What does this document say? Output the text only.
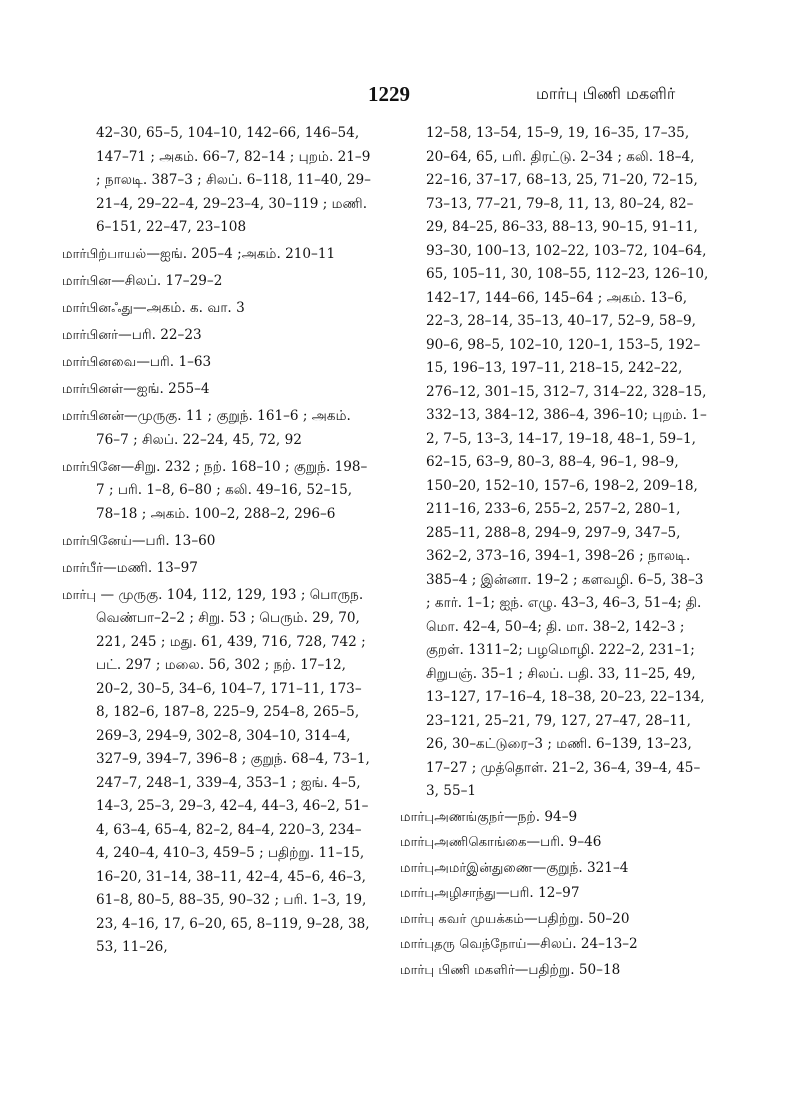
1229	மார்பு பிணி மகளிர்
42–30, 65–5, 104–10, 142–66, 146–54, 147–71 ; அகம். 66–7, 82–14 ; புறம். 21–9 ; நாலடி. 387–3 ; சிலப். 6–118, 11–40, 29–21–4, 29–22–4, 29–23–4, 30–119 ; மணி. 6–151, 22–47, 23–108
மார்பிற்பாயல்—ஐங். 205–4 ;அகம். 210–11
மார்பின—சிலப். 17–29–2
மார்பினஃது—அகம். க. வா. 3
மார்பினர்—பரி. 22–23
மார்பினவை—பரி. 1–63
மார்பினள்—ஐங். 255–4
மார்பினன்—முருகு. 11 ; குறுந். 161–6 ; அகம். 76–7 ; சிலப். 22–24, 45, 72, 92
மார்பினே—சிறு. 232 ; நற். 168–10 ; குறுந். 198–7 ; பரி. 1–8, 6–80 ; கலி. 49–16, 52–15, 78–18 ; அகம். 100–2, 288–2, 296–6
மார்பினேய்—பரி. 13–60
மார்பீர்—மணி. 13–97
மார்பு — முருகு. 104, 112, 129, 193 ; பொருந. வெண்பா–2–2 ; சிறு. 53 ; பெரும். 29, 70, 221, 245 ; மது. 61, 439, 716, 728, 742 ; பட். 297 ; மலை. 56, 302 ; நற். 17–12, 20–2, 30–5, 34–6, 104–7, 171–11, 173–8, 182–6, 187–8, 225–9, 254–8, 265–5, 269–3, 294–9, 302–8, 304–10, 314–4, 327–9, 394–7, 396–8 ; குறுந். 68–4, 73–1, 247–7, 248–1, 339–4, 353–1 ; ஐங். 4–5, 14–3, 25–3, 29–3, 42–4, 44–3, 46–2, 51–4, 63–4, 65–4, 82–2, 84–4, 220–3, 234–4, 240–4, 410–3, 459–5 ; பதிற்று. 11–15, 16–20, 31–14, 38–11, 42–4, 45–6, 46–3, 61–8, 80–5, 88–35, 90–32 ; பரி. 1–3, 19, 23, 4–16, 17, 6–20, 65, 8–119, 9–28, 38, 53, 11–26,
12–58, 13–54, 15–9, 19, 16–35, 17–35, 20–64, 65, பரி. திரட்டு. 2–34 ; கலி. 18–4, 22–16, 37–17, 68–13, 25, 71–20, 72–15, 73–13, 77–21, 79–8, 11, 13, 80–24, 82–29, 84–25, 86–33, 88–13, 90–15, 91–11, 93–30, 100–13, 102–22, 103–72, 104–64, 65, 105–11, 30, 108–55, 112–23, 126–10, 142–17, 144–66, 145–64 ; அகம். 13–6, 22–3, 28–14, 35–13, 40–17, 52–9, 58–9, 90–6, 98–5, 102–10, 120–1, 153–5, 192–15, 196–13, 197–11, 218–15, 242–22, 276–12, 301–15, 312–7, 314–22, 328–15, 332–13, 384–12, 386–4, 396–10; புறம். 1–2, 7–5, 13–3, 14–17, 19–18, 48–1, 59–1, 62–15, 63–9, 80–3, 88–4, 96–1, 98–9, 150–20, 152–10, 157–6, 198–2, 209–18, 211–16, 233–6, 255–2, 257–2, 280–1, 285–11, 288–8, 294–9, 297–9, 347–5, 362–2, 373–16, 394–1, 398–26 ; நாலடி. 385–4 ; இன்னா. 19–2 ; களவழி. 6–5, 38–3 ; கார். 1–1; ஐந். எழு. 43–3, 46–3, 51–4; தி. மொ. 42–4, 50–4; தி. மா. 38–2, 142–3 ; குறள். 1311–2; பழமொழி. 222–2, 231–1; சிறுபஞ். 35–1 ; சிலப். பதி. 33, 11–25, 49, 13–127, 17–16–4, 18–38, 20–23, 22–134, 23–121, 25–21, 79, 127, 27–47, 28–11, 26, 30–கட்டுரை–3 ; மணி. 6–139, 13–23, 17–27 ; முத்தொள். 21–2, 36–4, 39–4, 45–3, 55–1
மார்புஅணங்குநர்—நற். 94–9
மார்புஅணிகொங்கை—பரி. 9–46
மார்புஅமர்இன்துணை—குறுந். 321–4
மார்புஅழிசாந்து—பரி. 12–97
மார்பு கவர் முயக்கம்—பதிற்று. 50–20
மார்புதரு வெந்நோய்—சிலப். 24–13–2
மார்பு பிணி மகளிர்—பதிற்று. 50–18
